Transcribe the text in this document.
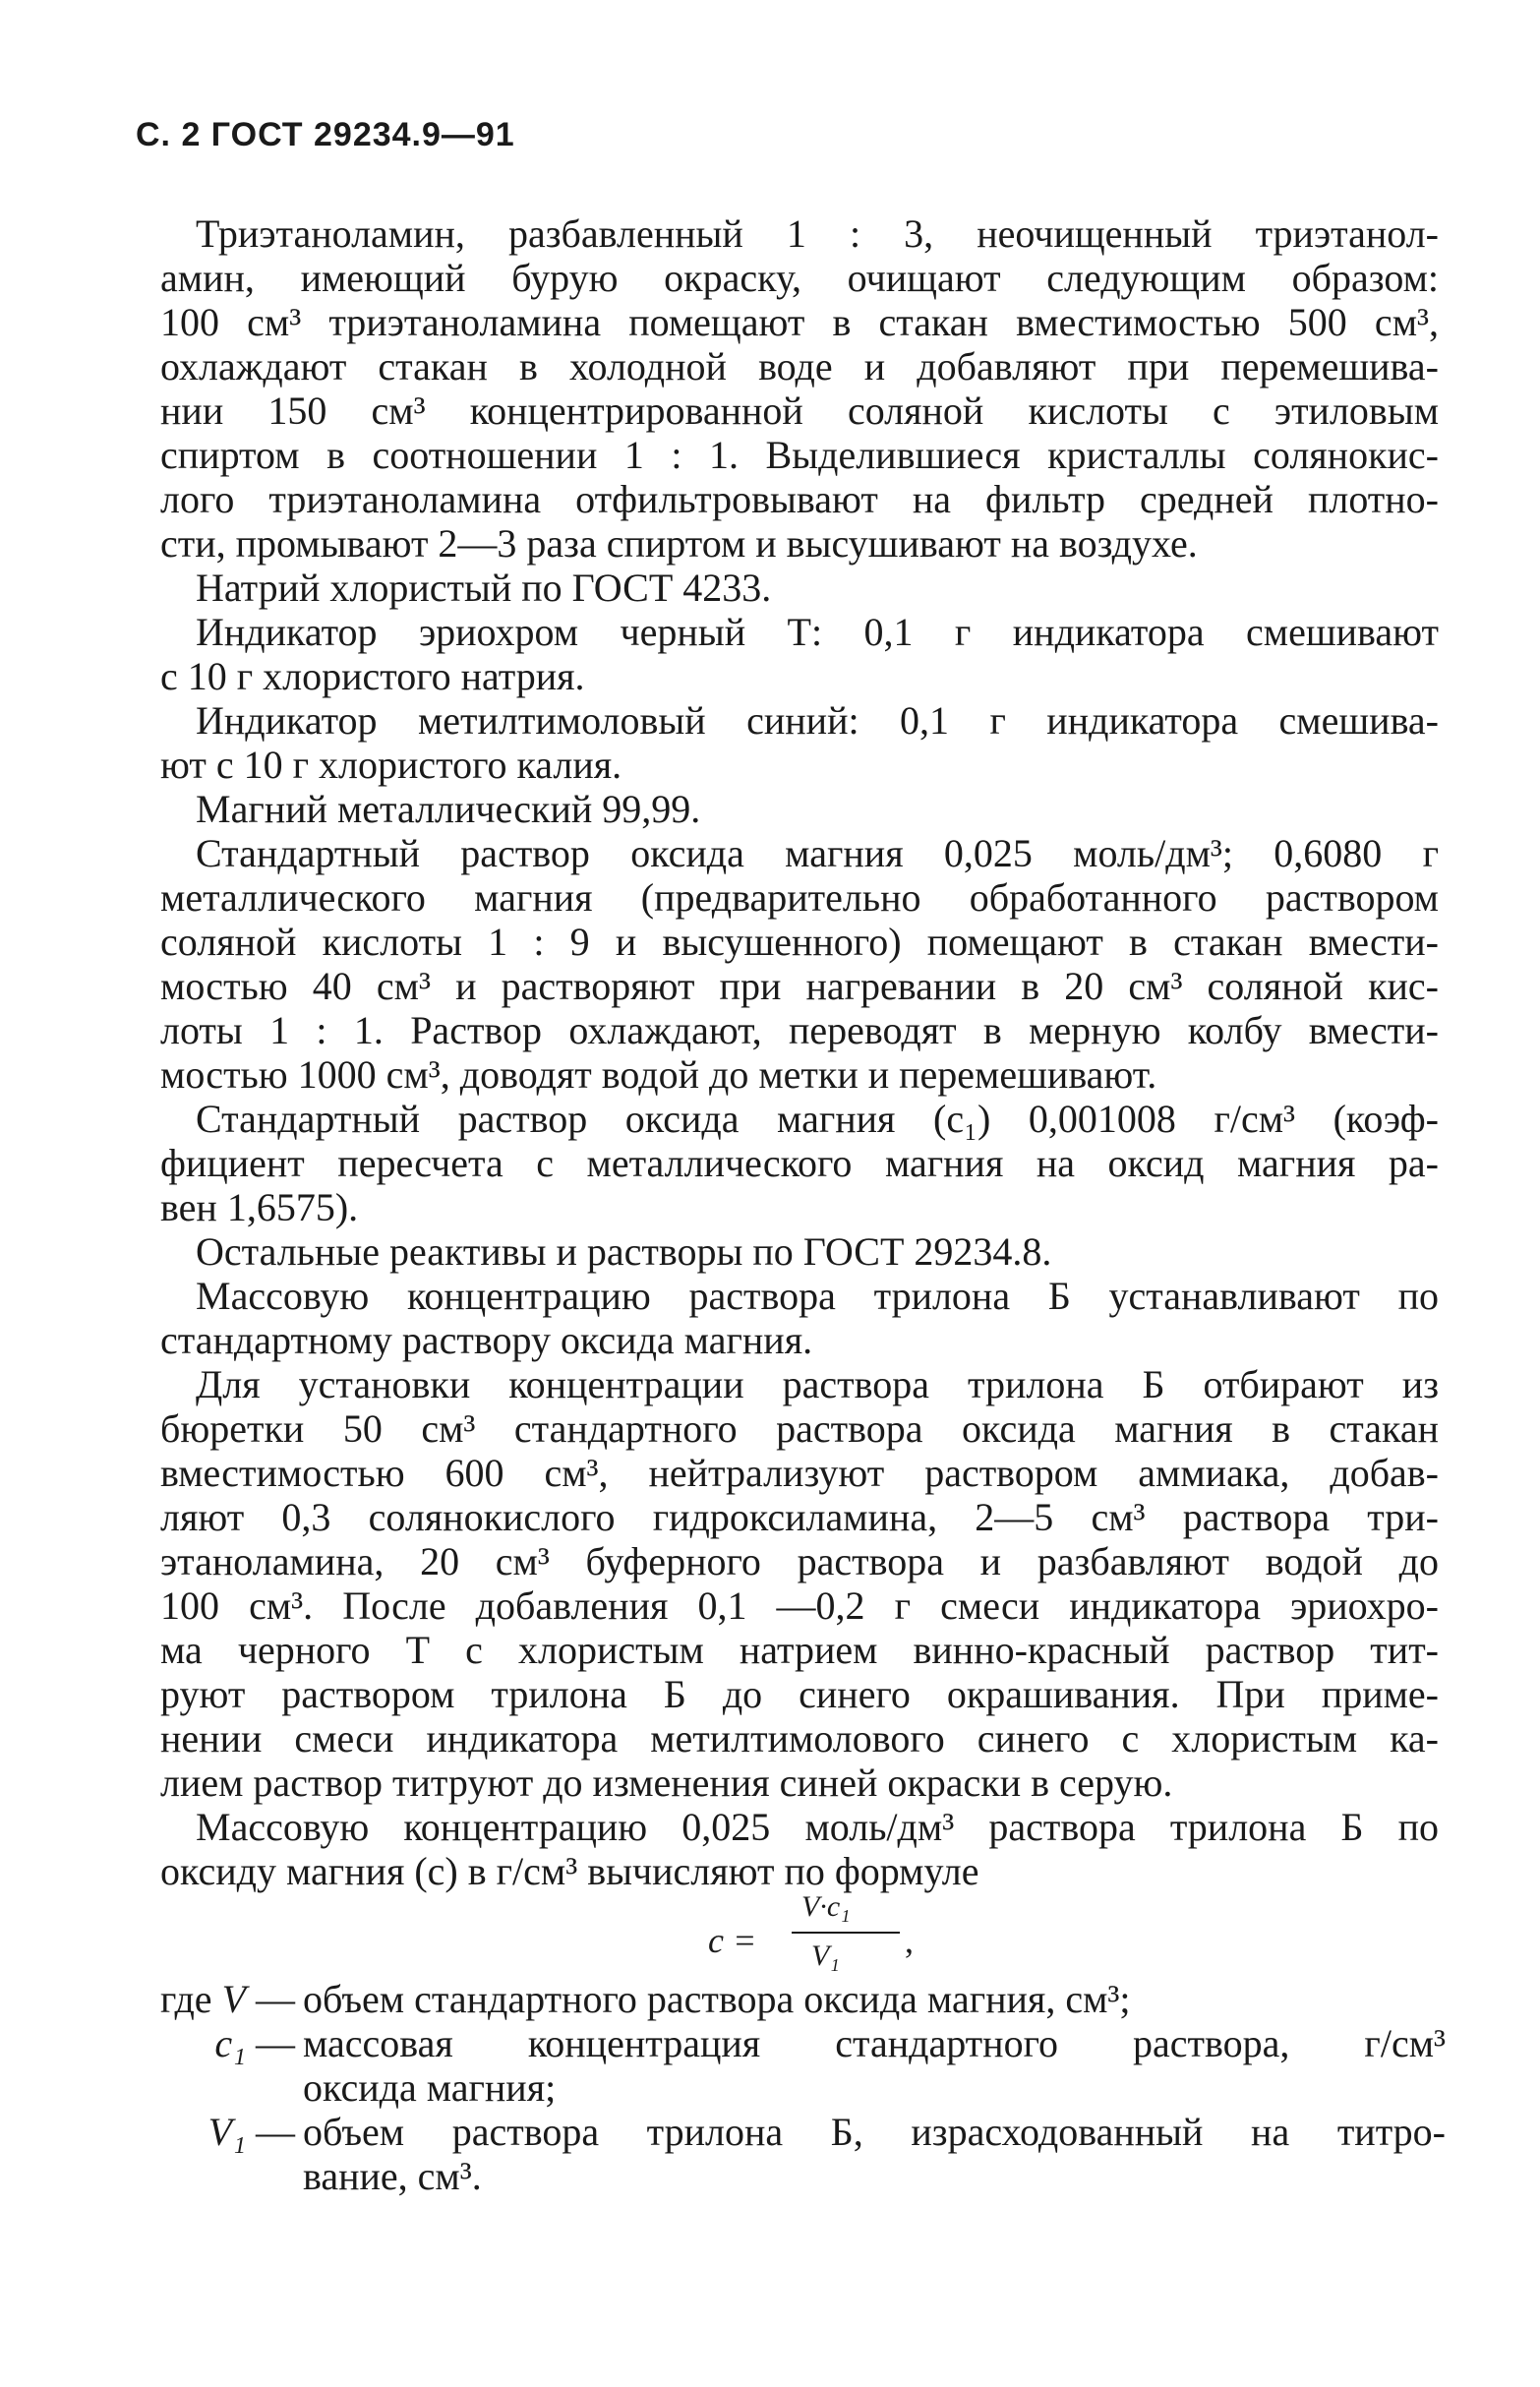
С. 2 ГОСТ 29234.9—91
Триэтаноламин, разбавленный 1 : 3, неочищенный триэтанол-
амин, имеющий бурую окраску, очищают следующим образом:
100 см³ триэтаноламина помещают в стакан вместимостью 500 см³,
охлаждают стакан в холодной воде и добавляют при перемешива-
нии 150 см³ концентрированной соляной кислоты с этиловым
спиртом в соотношении 1 : 1. Выделившиеся кристаллы солянокис-
лого триэтаноламина отфильтровывают на фильтр средней плотно-
сти, промывают 2—3 раза спиртом и высушивают на воздухе.
Натрий хлористый по ГОСТ 4233.
Индикатор эриохром черный Т: 0,1 г индикатора смешивают
с 10 г хлористого натрия.
Индикатор метилтимоловый синий: 0,1 г индикатора смешива-
ют с 10 г хлористого калия.
Магний металлический 99,99.
Стандартный раствор оксида магния 0,025 моль/дм³; 0,6080 г
металлического магния (предварительно обработанного раствором
соляной кислоты 1 : 9 и высушенного) помещают в стакан вмести-
мостью 40 см³ и растворяют при нагревании в 20 см³ соляной кис-
лоты 1 : 1. Раствор охлаждают, переводят в мерную колбу вмести-
мостью 1000 см³, доводят водой до метки и перемешивают.
Стандартный раствор оксида магния (c₁) 0,001008 г/см³ (коэф-
фициент пересчета с металлического магния на оксид магния ра-
вен 1,6575).
Остальные реактивы и растворы по ГОСТ 29234.8.
Массовую концентрацию раствора трилона Б устанавливают по
стандартному раствору оксида магния.
Для установки концентрации раствора трилона Б отбирают из
бюретки 50 см³ стандартного раствора оксида магния в стакан
вместимостью 600 см³, нейтрализуют раствором аммиака, добав-
ляют 0,3 солянокислого гидроксиламина, 2—5 см³ раствора три-
этаноламина, 20 см³ буферного раствора и разбавляют водой до
100 см³. После добавления 0,1 —0,2 г смеси индикатора эриохро-
ма черного Т с хлористым натрием винно-красный раствор тит-
руют раствором трилона Б до синего окрашивания. При приме-
нении смеси индикатора метилтимолового синего с хлористым ка-
лием раствор титруют до изменения синей окраски в серую.
Массовую концентрацию 0,025 моль/дм³ раствора трилона Б по
оксиду магния (c) в г/см³ вычисляют по формуле
c =
V·c₁
V₁ ,
где V — объем стандартного раствора оксида магния, см³;
c₁ — массовая концентрация стандартного раствора, г/см³
оксида магния;
V₁ — объем раствора трилона Б, израсходованный на титро-
вание, см³.
